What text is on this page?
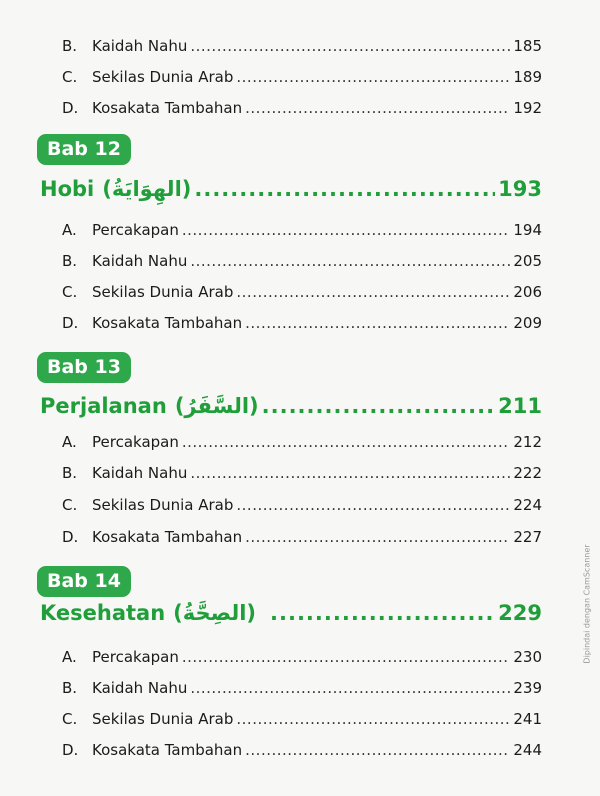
B. Kaidah Nahu .....	185
C. Sekilas Dunia Arab .....	189
D. Kosakata Tambahan .....	192
Bab 12
Hobi (الهِوَايَةُ) .....	193
A.	Percakapan .....	194
B. Kaidah Nahu .....	205
C. Sekilas Dunia Arab .....	206
D. Kosakata Tambahan .....	209
Bab 13
Perjalanan (السَّفَرُ) .....	211
A.	Percakapan .....	212
B. Kaidah Nahu .....	222
C. Sekilas Dunia Arab .....	224
D. Kosakata Tambahan .....	227
Bab 14
Kesehatan (الصِحَّةُ) .....	229
A.	Percakapan .....	230
B. Kaidah Nahu .....	239
C. Sekilas Dunia Arab .....	241
D. Kosakata Tambahan .....	244
Dipindai dengan CamScanner
